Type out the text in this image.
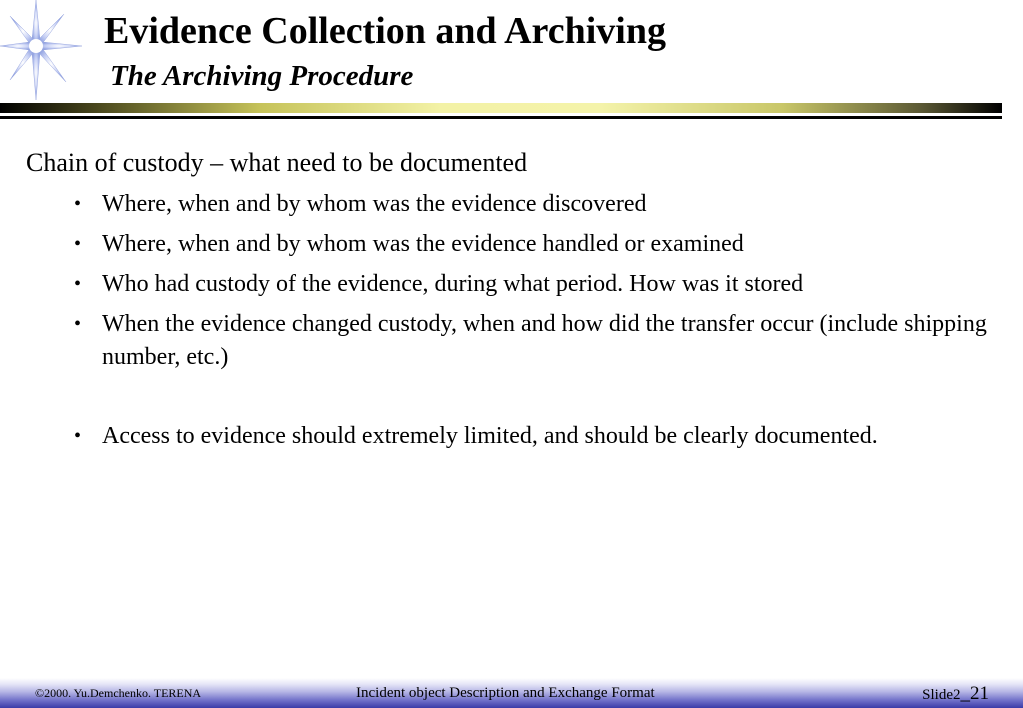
Evidence Collection and Archiving
The Archiving Procedure

Chain of custody – what need to be documented

• Where, when and by whom was the evidence discovered
• Where, when and by whom was the evidence handled or examined
• Who had custody of the evidence, during what period. How was it stored
• When the evidence changed custody, when and how did the transfer occur (include shipping number, etc.)
• Access to evidence should extremely limited, and should be clearly documented.
©2000. Yu.Demchenko. TERENA	Incident object Description and Exchange Format	Slide2_21
